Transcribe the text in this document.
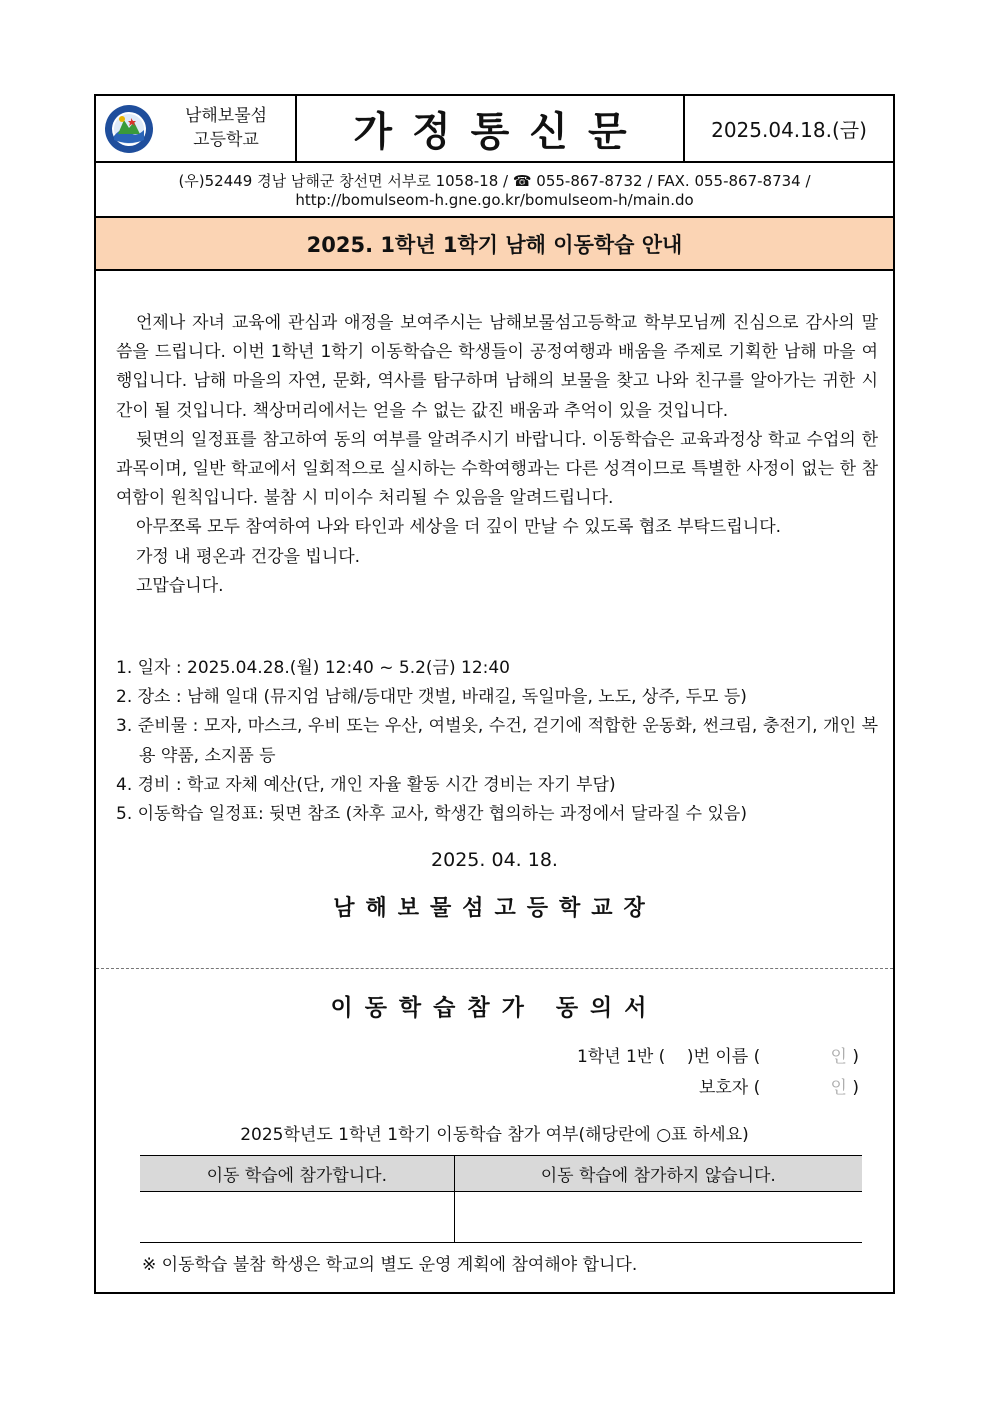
남해보물섬
고등학교	가정통신문	2025.04.18.(금)
(우)52449 경남 남해군 창선면 서부로 1058-18 / ☎ 055-867-8732 / FAX. 055-867-8734 /
http://bomulseom-h.gne.go.kr/bomulseom-h/main.do
2025. 1학년 1학기 남해 이동학습 안내

언제나 자녀 교육에 관심과 애정을 보여주시는 남해보물섬고등학교 학부모님께 진심으로 감사의 말씀을 드립니다. 이번 1학년 1학기 이동학습은 학생들이 공정여행과 배움을 주제로 기획한 남해 마을 여행입니다. 남해 마을의 자연, 문화, 역사를 탐구하며 남해의 보물을 찾고 나와 친구를 알아가는 귀한 시간이 될 것입니다. 책상머리에서는 얻을 수 없는 값진 배움과 추억이 있을 것입니다.

뒷면의 일정표를 참고하여 동의 여부를 알려주시기 바랍니다. 이동학습은 교육과정상 학교 수업의 한 과목이며, 일반 학교에서 일회적으로 실시하는 수학여행과는 다른 성격이므로 특별한 사정이 없는 한 참여함이 원칙입니다. 불참 시 미이수 처리될 수 있음을 알려드립니다.

아무쪼록 모두 참여하여 나와 타인과 세상을 더 깊이 만날 수 있도록 협조 부탁드립니다.

가정 내 평온과 건강을 빕니다.

고맙습니다.

1. 일자 : 2025.04.28.(월) 12:40 ~ 5.2(금) 12:40
2. 장소 : 남해 일대 (뮤지엄 남해/등대만 갯벌, 바래길, 독일마을, 노도, 상주, 두모 등)
3. 준비물 : 모자, 마스크, 우비 또는 우산, 여벌옷, 수건, 걷기에 적합한 운동화, 썬크림, 충전기, 개인 복용 약품, 소지품 등
4. 경비 : 학교 자체 예산(단, 개인 자율 활동 시간 경비는 자기 부담)
5. 이동학습 일정표: 뒷면 참조 (차후 교사, 학생간 협의하는 과정에서 달라질 수 있음)
2025. 04. 18.
남해보물섬고등학교장
이동학습참가 동의서
1학년 1반 (    )번 이름 (             인 )
보호자 (             인 )
2025학년도 1학년 1학기 이동학습 참가 여부(해당란에 ○표 하세요)
이동 학습에 참가합니다.	이동 학습에 참가하지 않습니다.

※ 이동학습 불참 학생은 학교의 별도 운영 계획에 참여해야 합니다.
